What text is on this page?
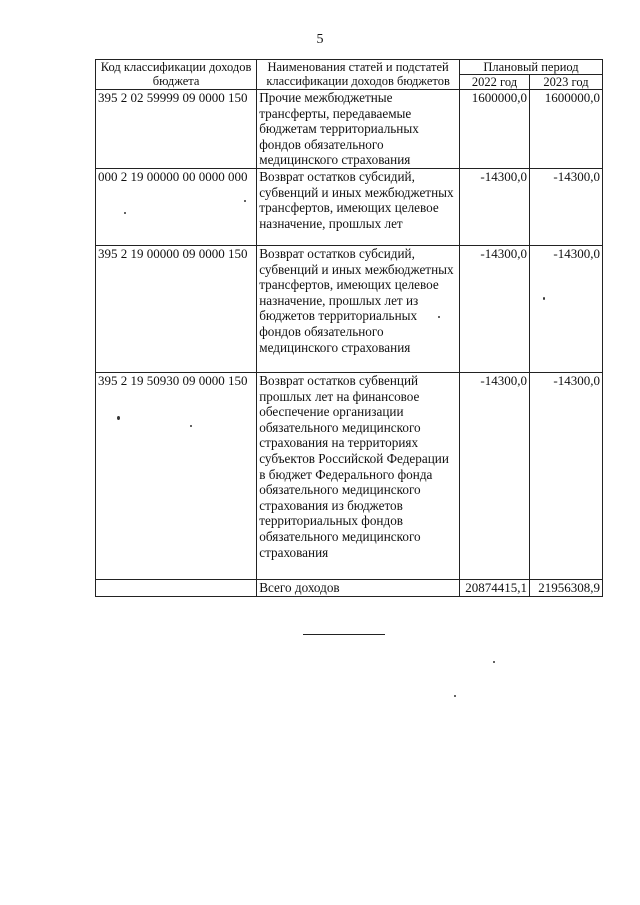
5
Код классификации доходов бюджета	Наименования статей и подстатей классификации доходов бюджетов	Плановый период	
		2022 год	2023 год
395 2 02 59999 09 0000 150	Прочие межбюджетные трансферты, передаваемые бюджетам территориальных фондов обязательного медицинского страхования	1600000,0	1600000,0
000 2 19 00000 00 0000 000	Возврат остатков субсидий, субвенций и иных межбюджетных трансфертов, имеющих целевое назначение, прошлых лет	-14300,0	-14300,0
395 2 19 00000 09 0000 150	Возврат остатков субсидий, субвенций и иных межбюджетных трансфертов, имеющих целевое назначение, прошлых лет из бюджетов территориальных фондов обязательного медицинского страхования	-14300,0	-14300,0
395 2 19 50930 09 0000 150	Возврат остатков субвенций прошлых лет на финансовое обеспечение организации обязательного медицинского страхования на территориях субъектов Российской Федерации в бюджет Федерального фонда обязательного медицинского страхования из бюджетов территориальных фондов обязательного медицинского страхования	-14300,0	-14300,0
	Всего доходов	20874415,1	21956308,9
